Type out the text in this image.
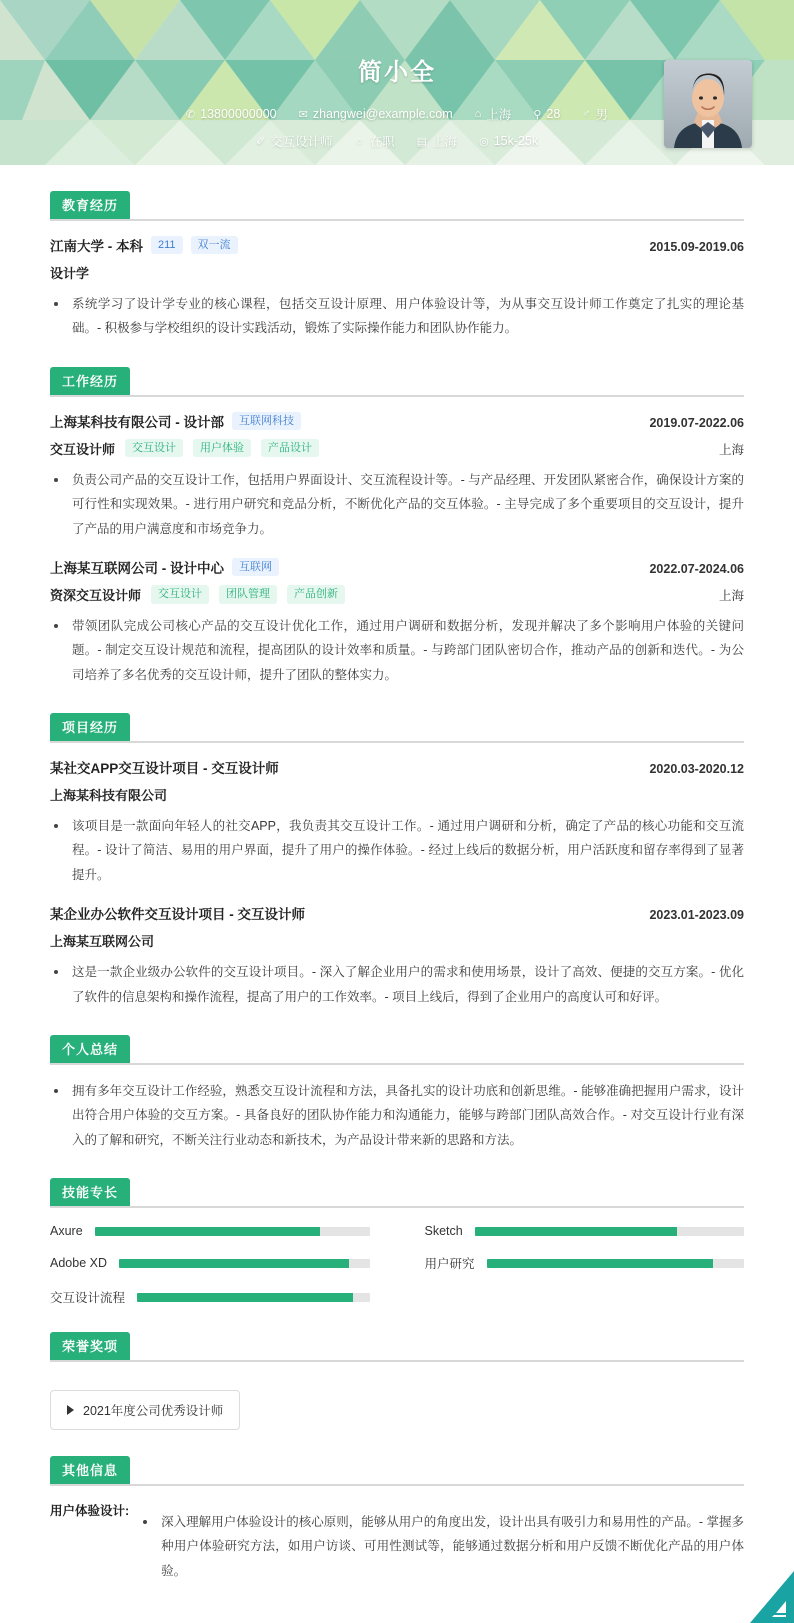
简小全
✆ 13800000000 ✉ zhangwei@example.com ⌂ 上海 ⚲ 28 ♂ 男
✐ 交互设计师 ☼ 在职 ▤ 上海 ◎ 15k-25k
教育经历
江南大学 - 本科	211	双一流	2015.09-2019.06
设计学
系统学习了设计学专业的核心课程，包括交互设计原理、用户体验设计等，为从事交互设计师工作奠定了扎实的理论基础。- 积极参与学校组织的设计实践活动，锻炼了实际操作能力和团队协作能力。
工作经历
上海某科技有限公司 - 设计部	互联网科技	2019.07-2022.06
交互设计师	交互设计	用户体验	产品设计	上海
负责公司产品的交互设计工作，包括用户界面设计、交互流程设计等。- 与产品经理、开发团队紧密合作，确保设计方案的可行性和实现效果。- 进行用户研究和竞品分析，不断优化产品的交互体验。- 主导完成了多个重要项目的交互设计，提升了产品的用户满意度和市场竞争力。
上海某互联网公司 - 设计中心	互联网	2022.07-2024.06
资深交互设计师	交互设计	团队管理	产品创新	上海
带领团队完成公司核心产品的交互设计优化工作，通过用户调研和数据分析，发现并解决了多个影响用户体验的关键问题。- 制定交互设计规范和流程，提高团队的设计效率和质量。- 与跨部门团队密切合作，推动产品的创新和迭代。- 为公司培养了多名优秀的交互设计师，提升了团队的整体实力。
项目经历
某社交APP交互设计项目 - 交互设计师	2020.03-2020.12
上海某科技有限公司
该项目是一款面向年轻人的社交APP，我负责其交互设计工作。- 通过用户调研和分析，确定了产品的核心功能和交互流程。- 设计了简洁、易用的用户界面，提升了用户的操作体验。- 经过上线后的数据分析，用户活跃度和留存率得到了显著提升。
某企业办公软件交互设计项目 - 交互设计师	2023.01-2023.09
上海某互联网公司
这是一款企业级办公软件的交互设计项目。- 深入了解企业用户的需求和使用场景，设计了高效、便捷的交互方案。- 优化了软件的信息架构和操作流程，提高了用户的工作效率。- 项目上线后，得到了企业用户的高度认可和好评。
个人总结
拥有多年交互设计工作经验，熟悉交互设计流程和方法，具备扎实的设计功底和创新思维。- 能够准确把握用户需求，设计出符合用户体验的交互方案。- 具备良好的团队协作能力和沟通能力，能够与跨部门团队高效合作。- 对交互设计行业有深入的了解和研究，不断关注行业动态和新技术，为产品设计带来新的思路和方法。
技能专长
Axure	Sketch
Adobe XD	用户研究
交互设计流程
荣誉奖项
2021年度公司优秀设计师
其他信息
用户体验设计:
深入理解用户体验设计的核心原则，能够从用户的角度出发，设计出具有吸引力和易用性的产品。- 掌握多种用户体验研究方法，如用户访谈、可用性测试等，能够通过数据分析和用户反馈不断优化产品的用户体验。
